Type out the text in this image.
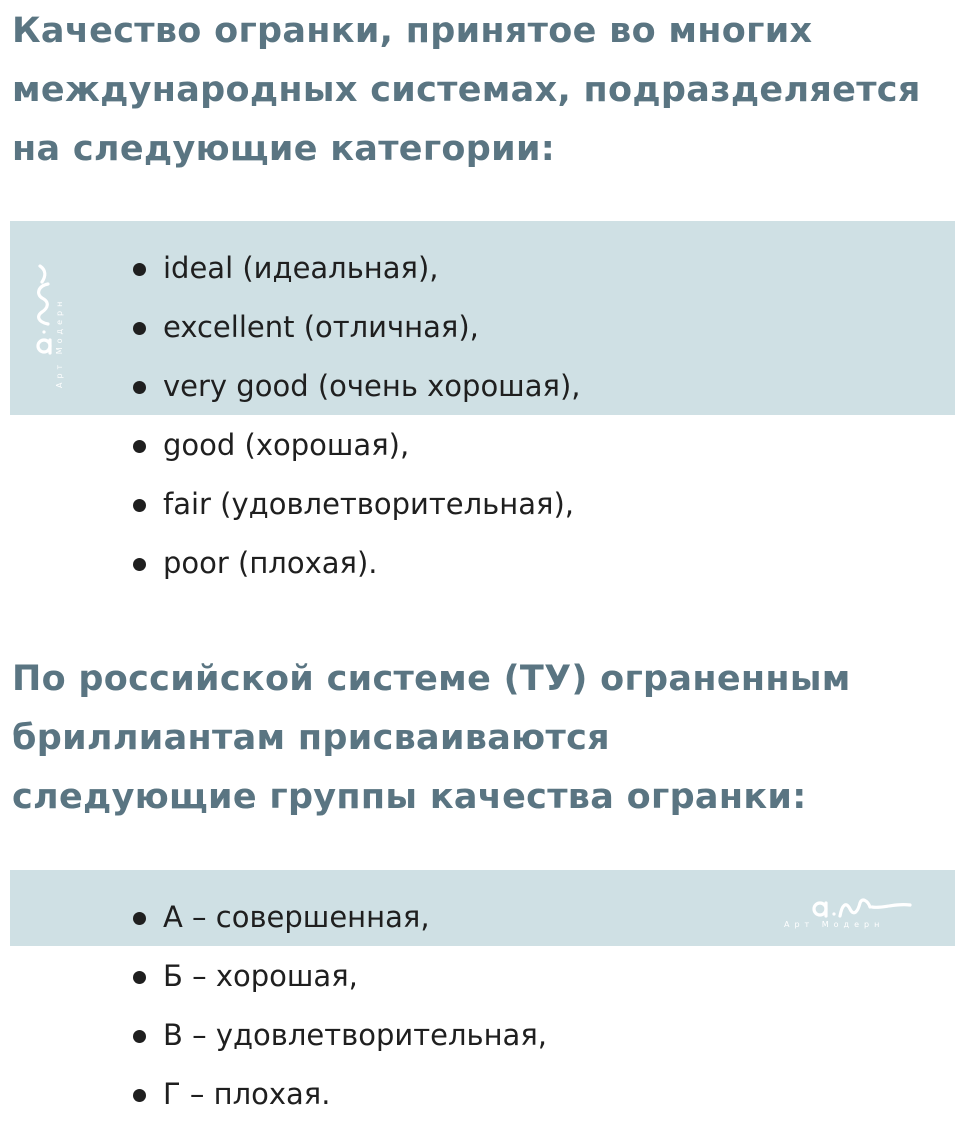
Качество огранки, принятое во многих
международных системах, подразделяется
на следующие категории:
Арт Модерн
ideal (идеальная),
excellent (отличная),
very good (очень хорошая),
good (хорошая),
fair (удовлетворительная),
poor (плохая).
По российской системе (ТУ) ограненным
бриллиантам присваиваются
следующие группы качества огранки:
Арт Модерн
А – совершенная,
Б – хорошая,
В – удовлетворительная,
Г – плохая.
